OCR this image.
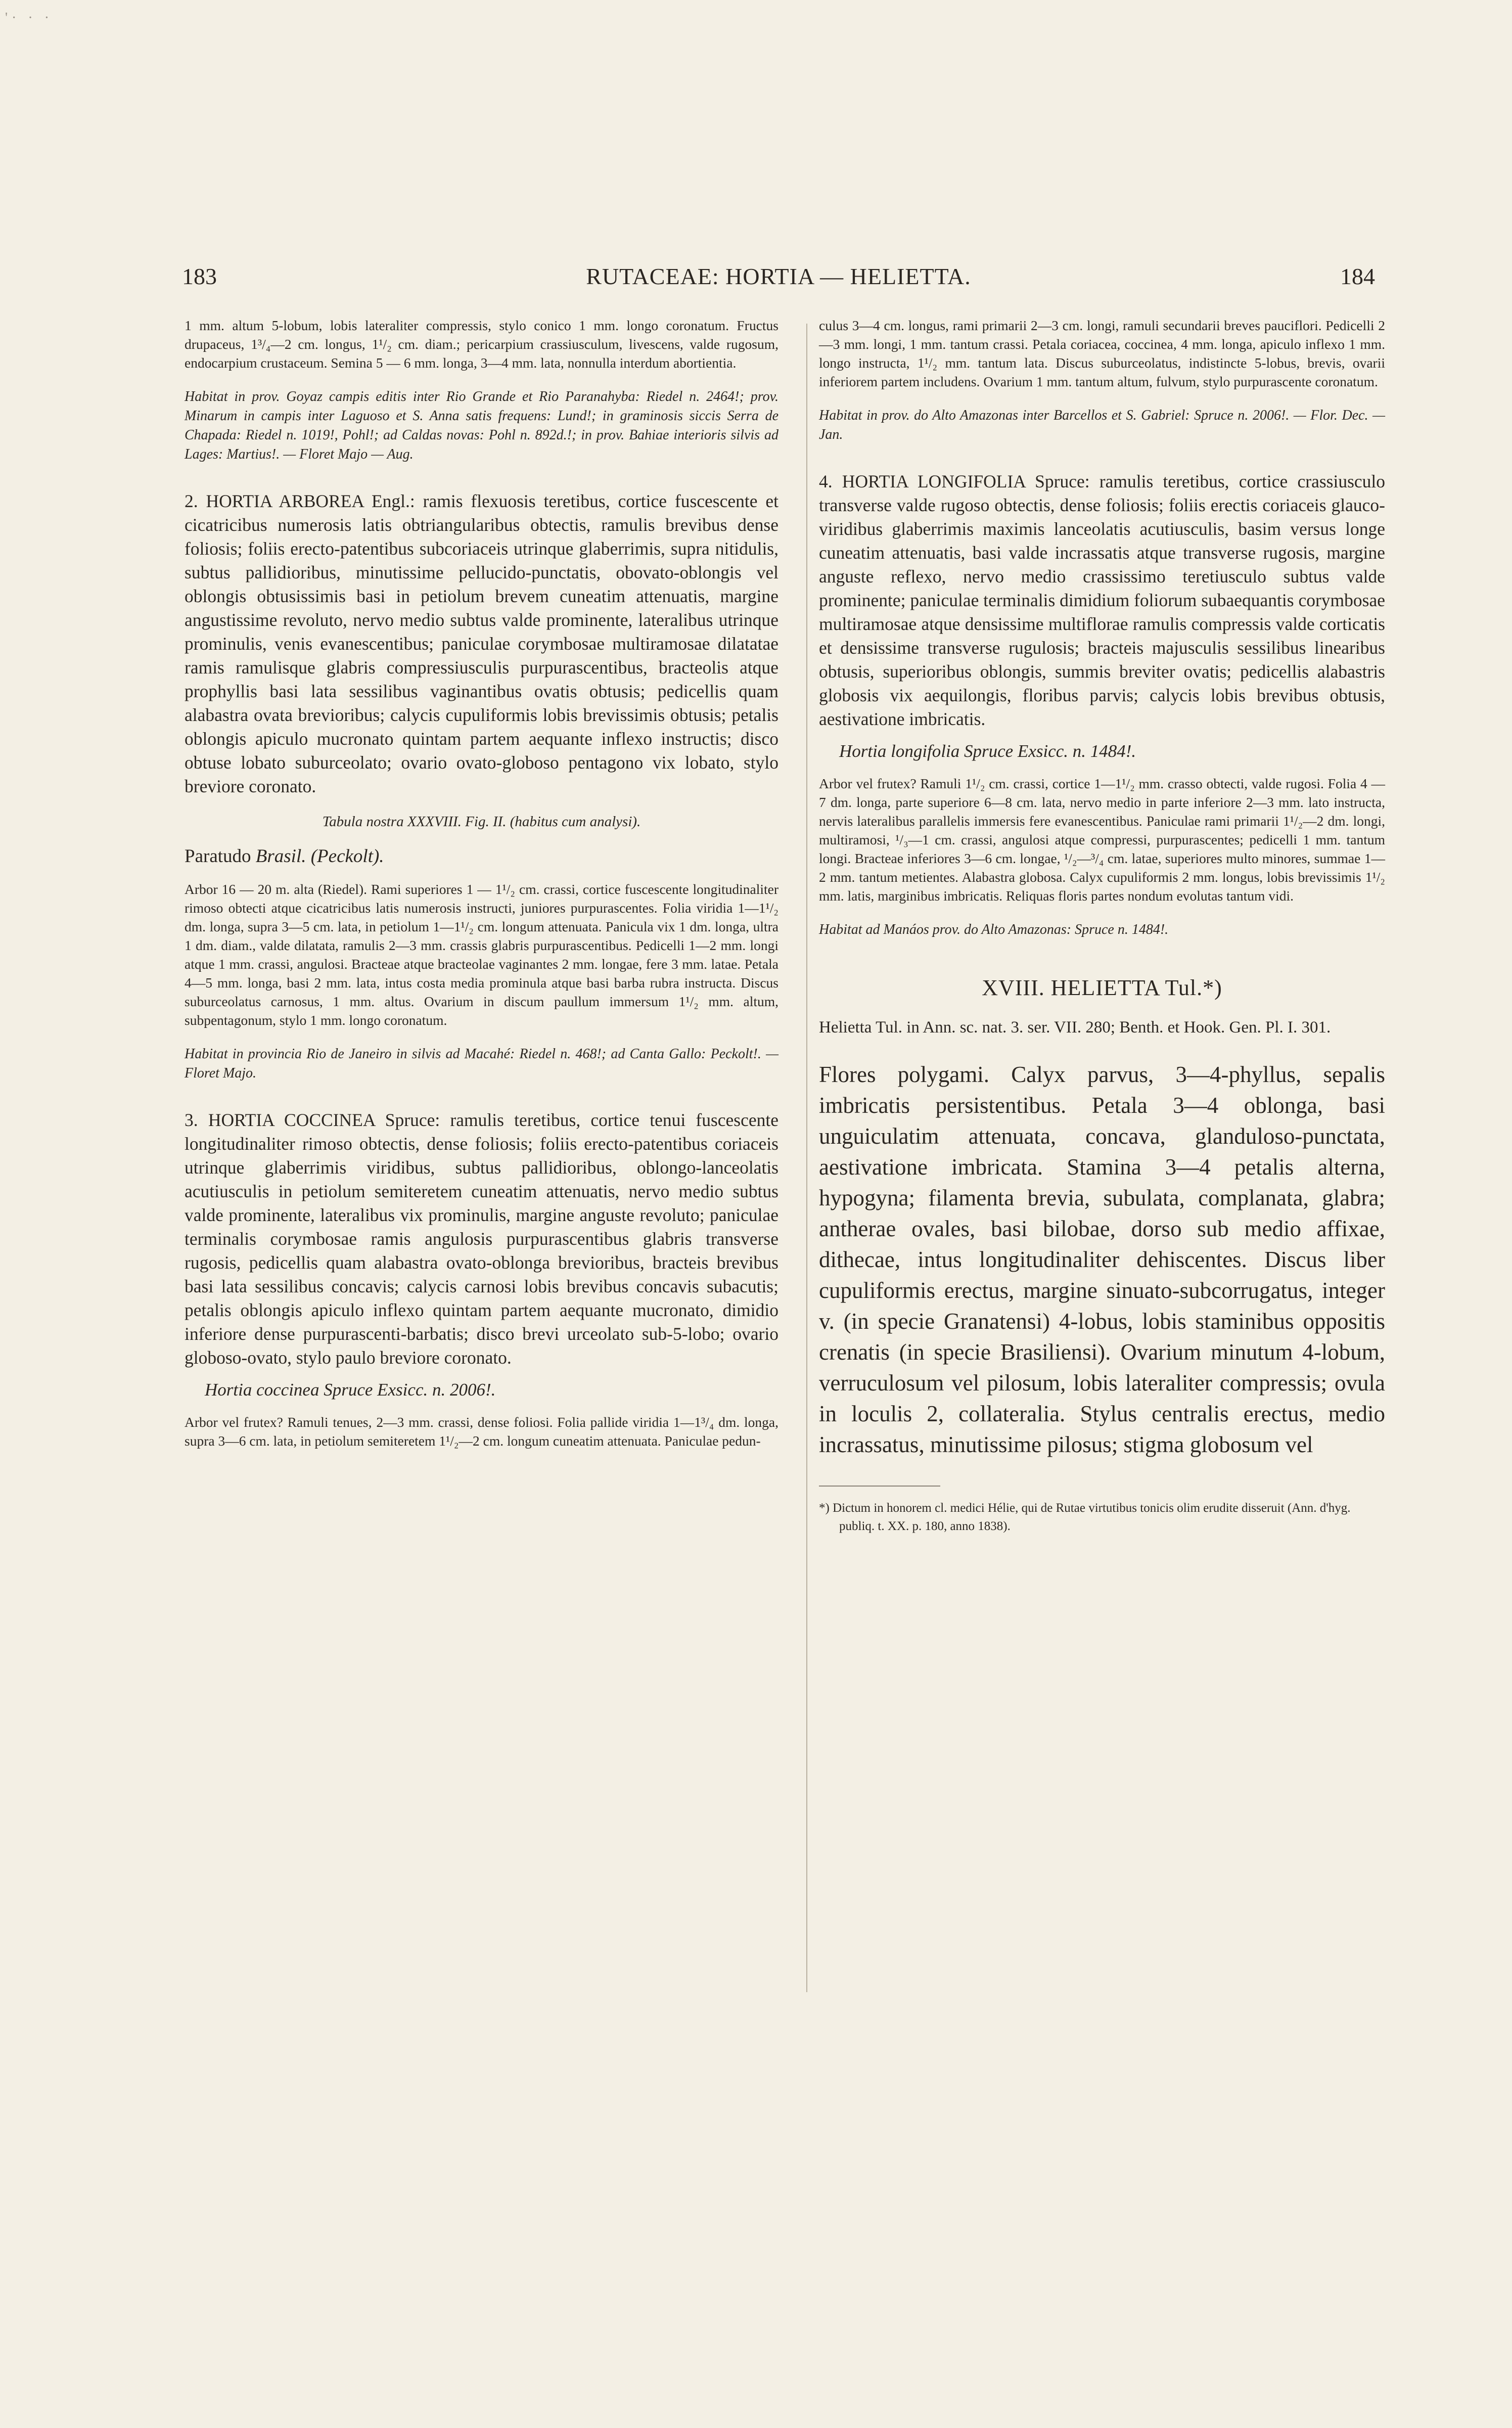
'· · ·
183	RUTACEAE: HORTIA — HELIETTA.	184

1 mm. altum 5-lobum, lobis lateraliter compressis, stylo conico 1 mm. longo coronatum. Fructus drupaceus, 1³/₄—2 cm. longus, 1¹/₂ cm. diam.; pericarpium crassiusculum, livescens, valde rugosum, endocarpium crustaceum. Semina 5 — 6 mm. longa, 3—4 mm. lata, nonnulla interdum abortientia.

Habitat in prov. Goyaz campis editis inter Rio Grande et Rio Paranahyba: Riedel n. 2464!; prov. Minarum in campis inter Laguoso et S. Anna satis frequens: Lund!; in graminosis siccis Serra de Chapada: Riedel n. 1019!, Pohl!; ad Caldas novas: Pohl n. 892d.!; in prov. Bahiae interioris silvis ad Lages: Martius!. — Floret Majo — Aug.

2. HORTIA ARBOREA Engl.: ramis flexuosis teretibus, cortice fuscescente et cicatricibus numerosis latis obtriangularibus obtectis, ramulis brevibus dense foliosis; foliis erecto-patentibus subcoriaceis utrinque glaberrimis, supra nitidulis, subtus pallidioribus, minutissime pellucido-punctatis, obovato-oblongis vel oblongis obtusissimis basi in petiolum brevem cuneatim attenuatis, margine angustissime revoluto, nervo medio subtus valde prominente, lateralibus utrinque prominulis, venis evanescentibus; paniculae corymbosae multiramosae dilatatae ramis ramulisque glabris compressiusculis purpurascentibus, bracteolis atque prophyllis basi lata sessilibus vaginantibus ovatis obtusis; pedicellis quam alabastra ovata brevioribus; calycis cupuliformis lobis brevissimis obtusis; petalis oblongis apiculo mucronato quintam partem aequante inflexo instructis; disco obtuse lobato suburceolato; ovario ovato-globoso pentagono vix lobato, stylo breviore coronato.

Tabula nostra XXXVIII. Fig. II. (habitus cum analysi).

Paratudo Brasil. (Peckolt).

Arbor 16 — 20 m. alta (Riedel). Rami superiores 1 — 1¹/₂ cm. crassi, cortice fuscescente longitudinaliter rimoso obtecti atque cicatricibus latis numerosis instructi, juniores purpurascentes. Folia viridia 1—1¹/₂ dm. longa, supra 3—5 cm. lata, in petiolum 1—1¹/₂ cm. longum attenuata. Panicula vix 1 dm. longa, ultra 1 dm. diam., valde dilatata, ramulis 2—3 mm. crassis glabris purpurascentibus. Pedicelli 1—2 mm. longi atque 1 mm. crassi, angulosi. Bracteae atque bracteolae vaginantes 2 mm. longae, fere 3 mm. latae. Petala 4—5 mm. longa, basi 2 mm. lata, intus costa media prominula atque basi barba rubra instructa. Discus suburceolatus carnosus, 1 mm. altus. Ovarium in discum paullum immersum 1¹/₂ mm. altum, subpentagonum, stylo 1 mm. longo coronatum.

Habitat in provincia Rio de Janeiro in silvis ad Macahé: Riedel n. 468!; ad Canta Gallo: Peckolt!. — Floret Majo.

3. HORTIA COCCINEA Spruce: ramulis teretibus, cortice tenui fuscescente longitudinaliter rimoso obtectis, dense foliosis; foliis erecto-patentibus coriaceis utrinque glaberrimis viridibus, subtus pallidioribus, oblongo-lanceolatis acutiusculis in petiolum semiteretem cuneatim attenuatis, nervo medio subtus valde prominente, lateralibus vix prominulis, margine anguste revoluto; paniculae terminalis corymbosae ramis angulosis purpurascentibus glabris transverse rugosis, pedicellis quam alabastra ovato-oblonga brevioribus, bracteis brevibus basi lata sessilibus concavis; calycis carnosi lobis brevibus concavis subacutis; petalis oblongis apiculo inflexo quintam partem aequante mucronato, dimidio inferiore dense purpurascenti-barbatis; disco brevi urceolato sub-5-lobo; ovario globoso-ovato, stylo paulo breviore coronato.

Hortia coccinea Spruce Exsicc. n. 2006!.

Arbor vel frutex? Ramuli tenues, 2—3 mm. crassi, dense foliosi. Folia pallide viridia 1—1³/₄ dm. longa, supra 3—6 cm. lata, in petiolum semiteretem 1¹/₂—2 cm. longum cuneatim attenuata. Paniculae pedun-

culus 3—4 cm. longus, rami primarii 2—3 cm. longi, ramuli secundarii breves pauciflori. Pedicelli 2—3 mm. longi, 1 mm. tantum crassi. Petala coriacea, coccinea, 4 mm. longa, apiculo inflexo 1 mm. longo instructa, 1¹/₂ mm. tantum lata. Discus suburceolatus, indistincte 5-lobus, brevis, ovarii inferiorem partem includens. Ovarium 1 mm. tantum altum, fulvum, stylo purpurascente coronatum.

Habitat in prov. do Alto Amazonas inter Barcellos et S. Gabriel: Spruce n. 2006!. — Flor. Dec. — Jan.

4. HORTIA LONGIFOLIA Spruce: ramulis teretibus, cortice crassiusculo transverse valde rugoso obtectis, dense foliosis; foliis erectis coriaceis glauco-viridibus glaberrimis maximis lanceolatis acutiusculis, basim versus longe cuneatim attenuatis, basi valde incrassatis atque transverse rugosis, margine anguste reflexo, nervo medio crassissimo teretiusculo subtus valde prominente; paniculae terminalis dimidium foliorum subaequantis corymbosae multiramosae atque densissime multiflorae ramulis compressis valde corticatis et densissime transverse rugulosis; bracteis majusculis sessilibus linearibus obtusis, superioribus oblongis, summis breviter ovatis; pedicellis alabastris globosis vix aequilongis, floribus parvis; calycis lobis brevibus obtusis, aestivatione imbricatis.

Hortia longifolia Spruce Exsicc. n. 1484!.

Arbor vel frutex? Ramuli 1¹/₂ cm. crassi, cortice 1—1¹/₂ mm. crasso obtecti, valde rugosi. Folia 4 — 7 dm. longa, parte superiore 6—8 cm. lata, nervo medio in parte inferiore 2—3 mm. lato instructa, nervis lateralibus parallelis immersis fere evanescentibus. Paniculae rami primarii 1¹/₂—2 dm. longi, multiramosi, ¹/₃—1 cm. crassi, angulosi atque compressi, purpurascentes; pedicelli 1 mm. tantum longi. Bracteae inferiores 3—6 cm. longae, ¹/₂—³/₄ cm. latae, superiores multo minores, summae 1—2 mm. tantum metientes. Alabastra globosa. Calyx cupuliformis 2 mm. longus, lobis brevissimis 1¹/₂ mm. latis, marginibus imbricatis. Reliquas floris partes nondum evolutas tantum vidi.

Habitat ad Manáos prov. do Alto Amazonas: Spruce n. 1484!.

XVIII. HELIETTA Tul.*)

Helietta Tul. in Ann. sc. nat. 3. ser. VII. 280; Benth. et Hook. Gen. Pl. I. 301.

Flores polygami. Calyx parvus, 3—4-phyllus, sepalis imbricatis persistentibus. Petala 3—4 oblonga, basi unguiculatim attenuata, concava, glanduloso-punctata, aestivatione imbricata. Stamina 3—4 petalis alterna, hypogyna; filamenta brevia, subulata, complanata, glabra; antherae ovales, basi bilobae, dorso sub medio affixae, dithecae, intus longitudinaliter dehiscentes. Discus liber cupuliformis erectus, margine sinuato-subcorrugatus, integer v. (in specie Granatensi) 4-lobus, lobis staminibus oppositis crenatis (in specie Brasiliensi). Ovarium minutum 4-lobum, verruculosum vel pilosum, lobis lateraliter compressis; ovula in loculis 2, collateralia. Stylus centralis erectus, medio incrassatus, minutissime pilosus; stigma globosum vel

*) Dictum in honorem cl. medici Hélie, qui de Rutae virtutibus tonicis olim erudite disseruit (Ann. d'hyg. publiq. t. XX. p. 180, anno 1838).
